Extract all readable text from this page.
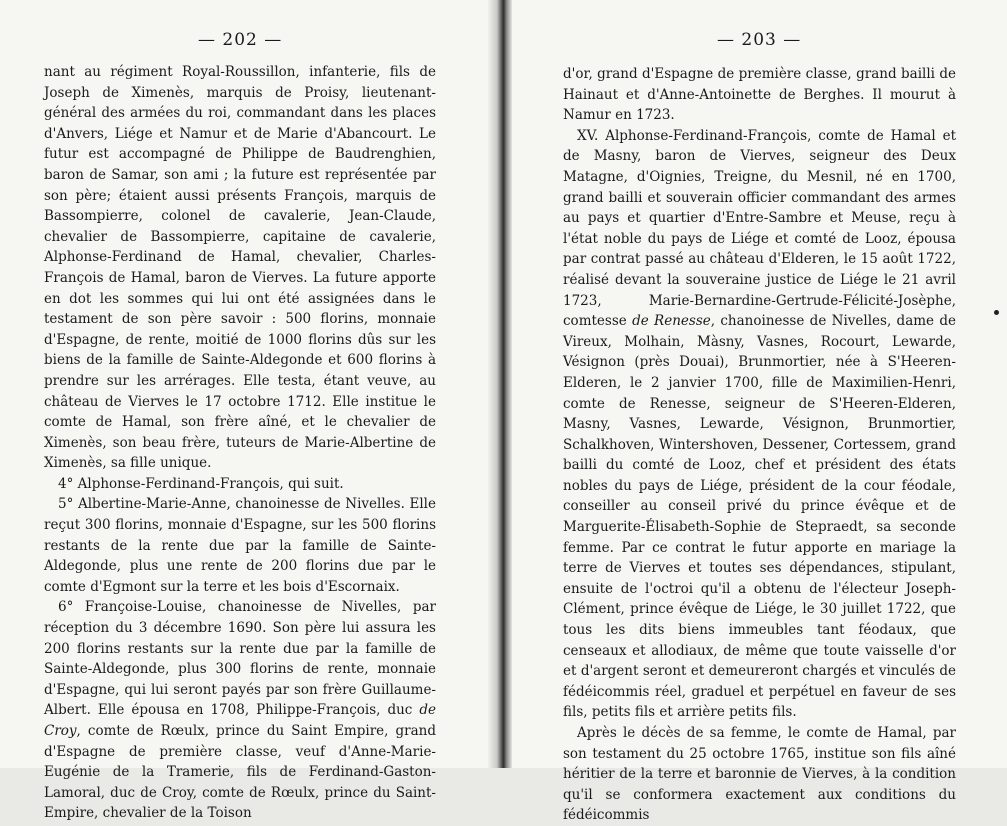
— 202 —

nant au régiment Royal-Roussillon, infanterie, fils de Joseph de Ximenès, marquis de Proisy, lieutenant-général des armées du roi, commandant dans les places d'Anvers, Liége et Namur et de Marie d'Abancourt. Le futur est accompagné de Philippe de Baudrenghien, baron de Samar, son ami ; la future est représentée par son père; étaient aussi présents François, marquis de Bassompierre, colonel de cavalerie, Jean-Claude, chevalier de Bassompierre, capitaine de cavalerie, Alphonse-Ferdinand de Hamal, chevalier, Charles-François de Hamal, baron de Vierves. La future apporte en dot les sommes qui lui ont été assignées dans le testament de son père savoir : 500 florins, monnaie d'Espagne, de rente, moitié de 1000 florins dûs sur les biens de la famille de Sainte-Aldegonde et 600 florins à prendre sur les arrérages. Elle testa, étant veuve, au château de Vierves le 17 octobre 1712. Elle institue le comte de Hamal, son frère aîné, et le chevalier de Ximenès, son beau frère, tuteurs de Marie-Albertine de Ximenès, sa fille unique.

4° Alphonse-Ferdinand-François, qui suit.

5° Albertine-Marie-Anne, chanoinesse de Nivelles. Elle reçut 300 florins, monnaie d'Espagne, sur les 500 florins restants de la rente due par la famille de Sainte-Aldegonde, plus une rente de 200 florins due par le comte d'Egmont sur la terre et les bois d'Escornaix.

6° Françoise-Louise, chanoinesse de Nivelles, par réception du 3 décembre 1690. Son père lui assura les 200 florins restants sur la rente due par la famille de Sainte-Aldegonde, plus 300 florins de rente, monnaie d'Espagne, qui lui seront payés par son frère Guillaume-Albert. Elle épousa en 1708, Philippe-François, duc de Croy, comte de Rœulx, prince du Saint Empire, grand d'Espagne de première classe, veuf d'Anne-Marie-Eugénie de la Tramerie, fils de Ferdinand-Gaston-Lamoral, duc de Croy, comte de Rœulx, prince du Saint-Empire, chevalier de la Toison

— 203 —

d'or, grand d'Espagne de première classe, grand bailli de Hainaut et d'Anne-Antoinette de Berghes. Il mourut à Namur en 1723.

XV. Alphonse-Ferdinand-François, comte de Hamal et de Masny, baron de Vierves, seigneur des Deux Matagne, d'Oignies, Treigne, du Mesnil, né en 1700, grand bailli et souverain officier commandant des armes au pays et quartier d'Entre-Sambre et Meuse, reçu à l'état noble du pays de Liége et comté de Looz, épousa par contrat passé au château d'Elderen, le 15 août 1722, réalisé devant la souveraine justice de Liége le 21 avril 1723, Marie-Bernardine-Gertrude-Félicité-Josèphe, comtesse de Renesse, chanoinesse de Nivelles, dame de Vireux, Molhain, Màsny, Vasnes, Rocourt, Lewarde, Vésignon (près Douai), Brunmortier, née à S'Heeren-Elderen, le 2 janvier 1700, fille de Maximilien-Henri, comte de Renesse, seigneur de S'Heeren-Elderen, Masny, Vasnes, Lewarde, Vésignon, Brunmortier, Schalkhoven, Wintershoven, Dessener, Cortessem, grand bailli du comté de Looz, chef et président des états nobles du pays de Liége, président de la cour féodale, conseiller au conseil privé du prince évêque et de Marguerite-Élisabeth-Sophie de Stepraedt, sa seconde femme. Par ce contrat le futur apporte en mariage la terre de Vierves et toutes ses dépendances, stipulant, ensuite de l'octroi qu'il a obtenu de l'électeur Joseph-Clément, prince évêque de Liége, le 30 juillet 1722, que tous les dits biens immeubles tant féodaux, que censeaux et allodiaux, de même que toute vaisselle d'or et d'argent seront et demeureront chargés et vinculés de fédéicommis réel, graduel et perpétuel en faveur de ses fils, petits fils et arrière petits fils.

Après le décès de sa femme, le comte de Hamal, par son testament du 25 octobre 1765, institue son fils aîné héritier de la terre et baronnie de Vierves, à la condition qu'il se conformera exactement aux conditions du fédéicommis
